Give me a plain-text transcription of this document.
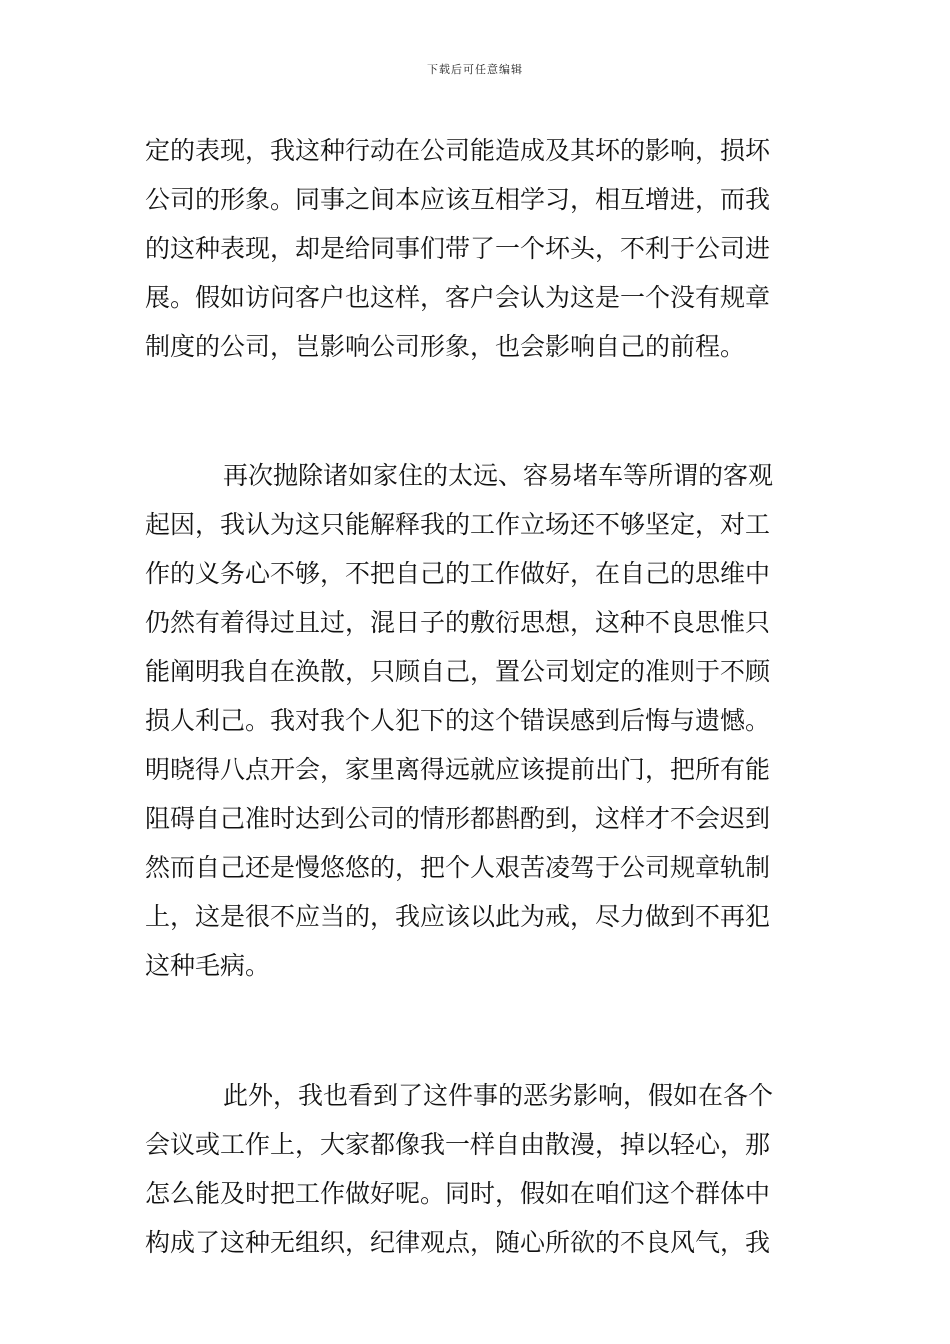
下载后可任意编辑
定的表现，我这种行动在公司能造成及其坏的影响，损坏
公司的形象。同事之间本应该互相学习，相互增进，而我
的这种表现，却是给同事们带了一个坏头，不利于公司进
展。假如访问客户也这样，客户会认为这是一个没有规章
制度的公司，岂影响公司形象，也会影响自己的前程。
再次抛除诸如家住的太远、容易堵车等所谓的客观
起因，我认为这只能解释我的工作立场还不够坚定，对工
作的义务心不够，不把自己的工作做好，在自己的思维中
仍然有着得过且过，混日子的敷衍思想，这种不良思惟只
能阐明我自在涣散，只顾自己，置公司划定的准则于不顾
损人利己。我对我个人犯下的这个错误感到后悔与遗憾。
明晓得八点开会，家里离得远就应该提前出门，把所有能
阻碍自己准时达到公司的情形都斟酌到，这样才不会迟到
然而自己还是慢悠悠的，把个人艰苦凌驾于公司规章轨制
上，这是很不应当的，我应该以此为戒，尽力做到不再犯
这种毛病。
此外，我也看到了这件事的恶劣影响，假如在各个
会议或工作上，大家都像我一样自由散漫，掉以轻心，那
怎么能及时把工作做好呢。同时，假如在咱们这个群体中
构成了这种无组织，纪律观点，随心所欲的不良风气，我
